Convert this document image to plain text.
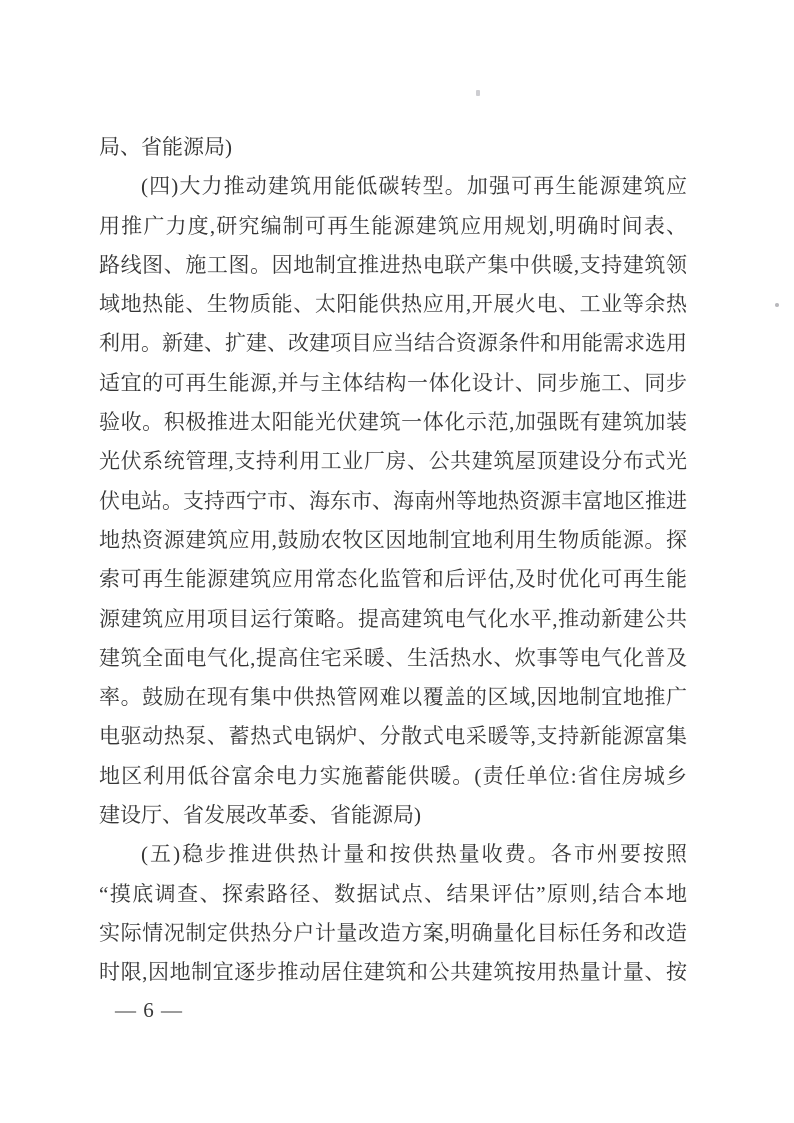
局、省能源局)
(四)大力推动建筑用能低碳转型。加强可再生能源建筑应
用推广力度,研究编制可再生能源建筑应用规划,明确时间表、
路线图、施工图。因地制宜推进热电联产集中供暖,支持建筑领
域地热能、生物质能、太阳能供热应用,开展火电、工业等余热
利用。新建、扩建、改建项目应当结合资源条件和用能需求选用
适宜的可再生能源,并与主体结构一体化设计、同步施工、同步
验收。积极推进太阳能光伏建筑一体化示范,加强既有建筑加装
光伏系统管理,支持利用工业厂房、公共建筑屋顶建设分布式光
伏电站。支持西宁市、海东市、海南州等地热资源丰富地区推进
地热资源建筑应用,鼓励农牧区因地制宜地利用生物质能源。探
索可再生能源建筑应用常态化监管和后评估,及时优化可再生能
源建筑应用项目运行策略。提高建筑电气化水平,推动新建公共
建筑全面电气化,提高住宅采暖、生活热水、炊事等电气化普及
率。鼓励在现有集中供热管网难以覆盖的区域,因地制宜地推广
电驱动热泵、蓄热式电锅炉、分散式电采暖等,支持新能源富集
地区利用低谷富余电力实施蓄能供暖。(责任单位:省住房城乡
建设厅、省发展改革委、省能源局)
(五)稳步推进供热计量和按供热量收费。各市州要按照
“摸底调查、探索路径、数据试点、结果评估”原则,结合本地
实际情况制定供热分户计量改造方案,明确量化目标任务和改造
时限,因地制宜逐步推动居住建筑和公共建筑按用热量计量、按
— 6 —
